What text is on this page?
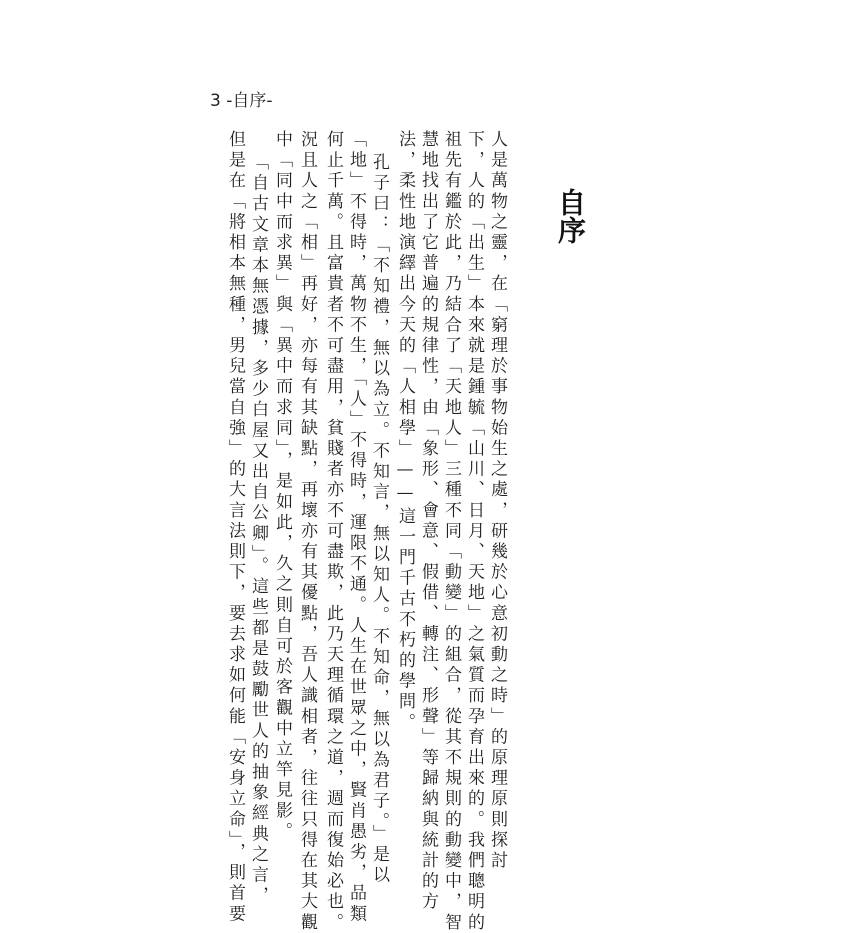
3 -自序-
自序
人是萬物之靈，在「窮理於事物始生之處，研幾於心意初動之時」的原理原則探討
下，人的「出生」本來就是鍾毓「山川、日月、天地」之氣質而孕育出來的。我們聰明的
祖先有鑑於此，乃結合了「天地人」三種不同「動變」的組合，從其不規則的動變中，智
慧地找出了它普遍的規律性，由「象形、會意、假借、轉注、形聲」等歸納與統計的方
法，柔性地演繹出今天的「人相學」——這一門千古不朽的學問。
孔子曰：「不知禮，無以為立。不知言，無以知人。不知命，無以為君子。」是以
「地」不得時，萬物不生，「人」不得時，運限不通。人生在世眾之中，賢肖愚劣，品類
何止千萬。且富貴者不可盡用，貧賤者亦不可盡欺，此乃天理循環之道，週而復始必也。
況且人之「相」再好，亦每有其缺點，再壞亦有其優點，吾人識相者，往往只得在其大觀
中「同中而求異」與「異中而求同」，是如此，久之則自可於客觀中立竿見影。
「自古文章本無憑據，多少白屋又出自公卿」。這些都是鼓勵世人的抽象經典之言，
但是在「將相本無種，男兒當自強」的大言法則下，要去求如何能「安身立命」，則首要
